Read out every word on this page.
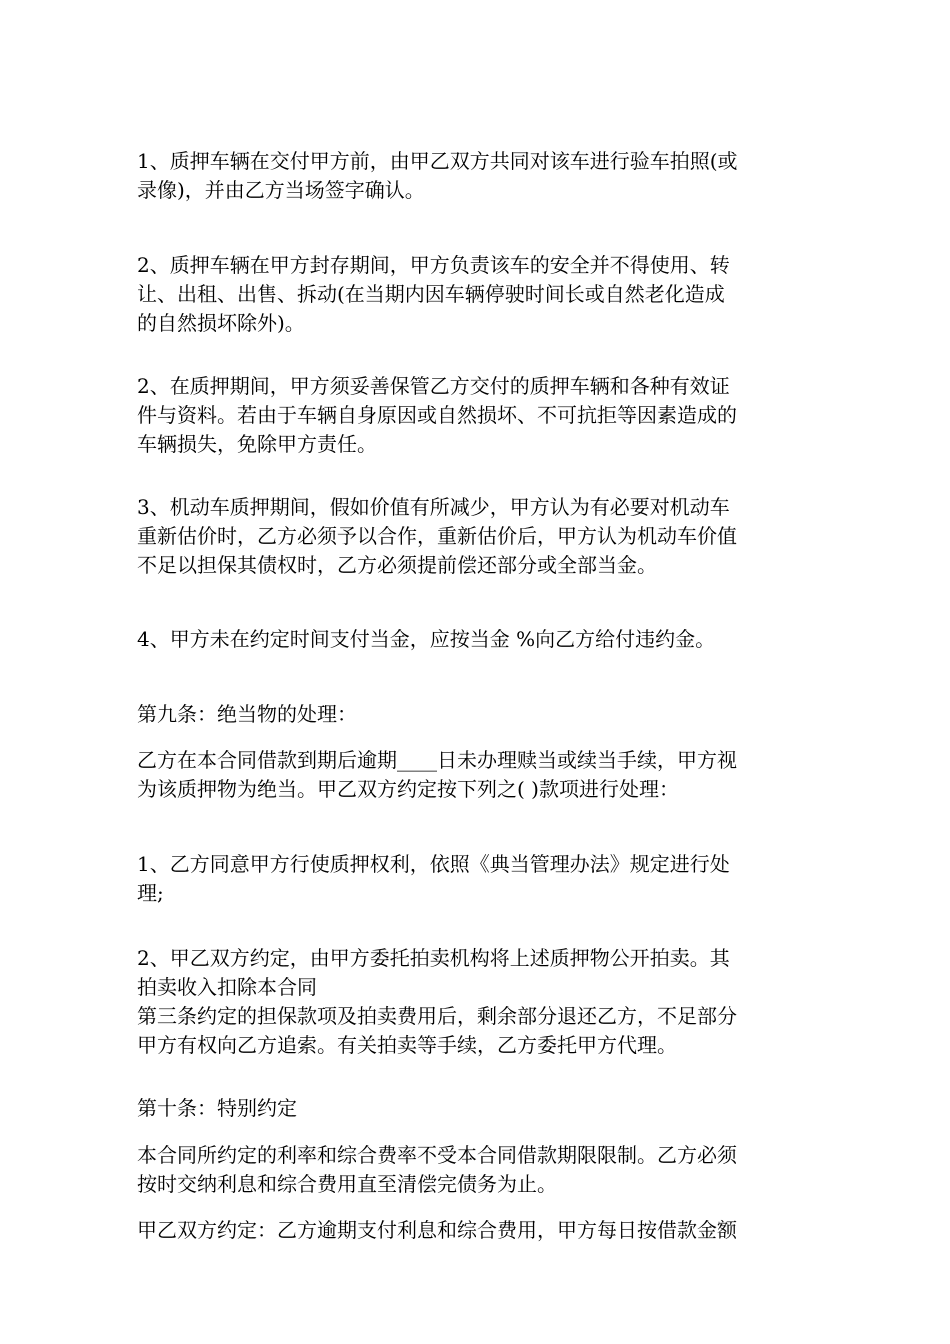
1、质押车辆在交付甲方前，由甲乙双方共同对该车进行验车拍照(或
录像)，并由乙方当场签字确认。

2、质押车辆在甲方封存期间，甲方负责该车的安全并不得使用、转
让、出租、出售、拆动(在当期内因车辆停驶时间长或自然老化造成
的自然损坏除外)。

2、在质押期间，甲方须妥善保管乙方交付的质押车辆和各种有效证
件与资料。若由于车辆自身原因或自然损坏、不可抗拒等因素造成的
车辆损失，免除甲方责任。

3、机动车质押期间，假如价值有所减少，甲方认为有必要对机动车
重新估价时，乙方必须予以合作，重新估价后，甲方认为机动车价值
不足以担保其债权时，乙方必须提前偿还部分或全部当金。

4、甲方未在约定时间支付当金，应按当金 %向乙方给付违约金。

第九条：绝当物的处理：

乙方在本合同借款到期后逾期____日未办理赎当或续当手续，甲方视
为该质押物为绝当。甲乙双方约定按下列之( )款项进行处理：

1、乙方同意甲方行使质押权利，依照《典当管理办法》规定进行处
理;

2、甲乙双方约定，由甲方委托拍卖机构将上述质押物公开拍卖。其
拍卖收入扣除本合同
第三条约定的担保款项及拍卖费用后，剩余部分退还乙方，不足部分
甲方有权向乙方追索。有关拍卖等手续，乙方委托甲方代理。

第十条：特别约定

本合同所约定的利率和综合费率不受本合同借款期限限制。乙方必须
按时交纳利息和综合费用直至清偿完债务为止。

甲乙双方约定：乙方逾期支付利息和综合费用，甲方每日按借款金额
